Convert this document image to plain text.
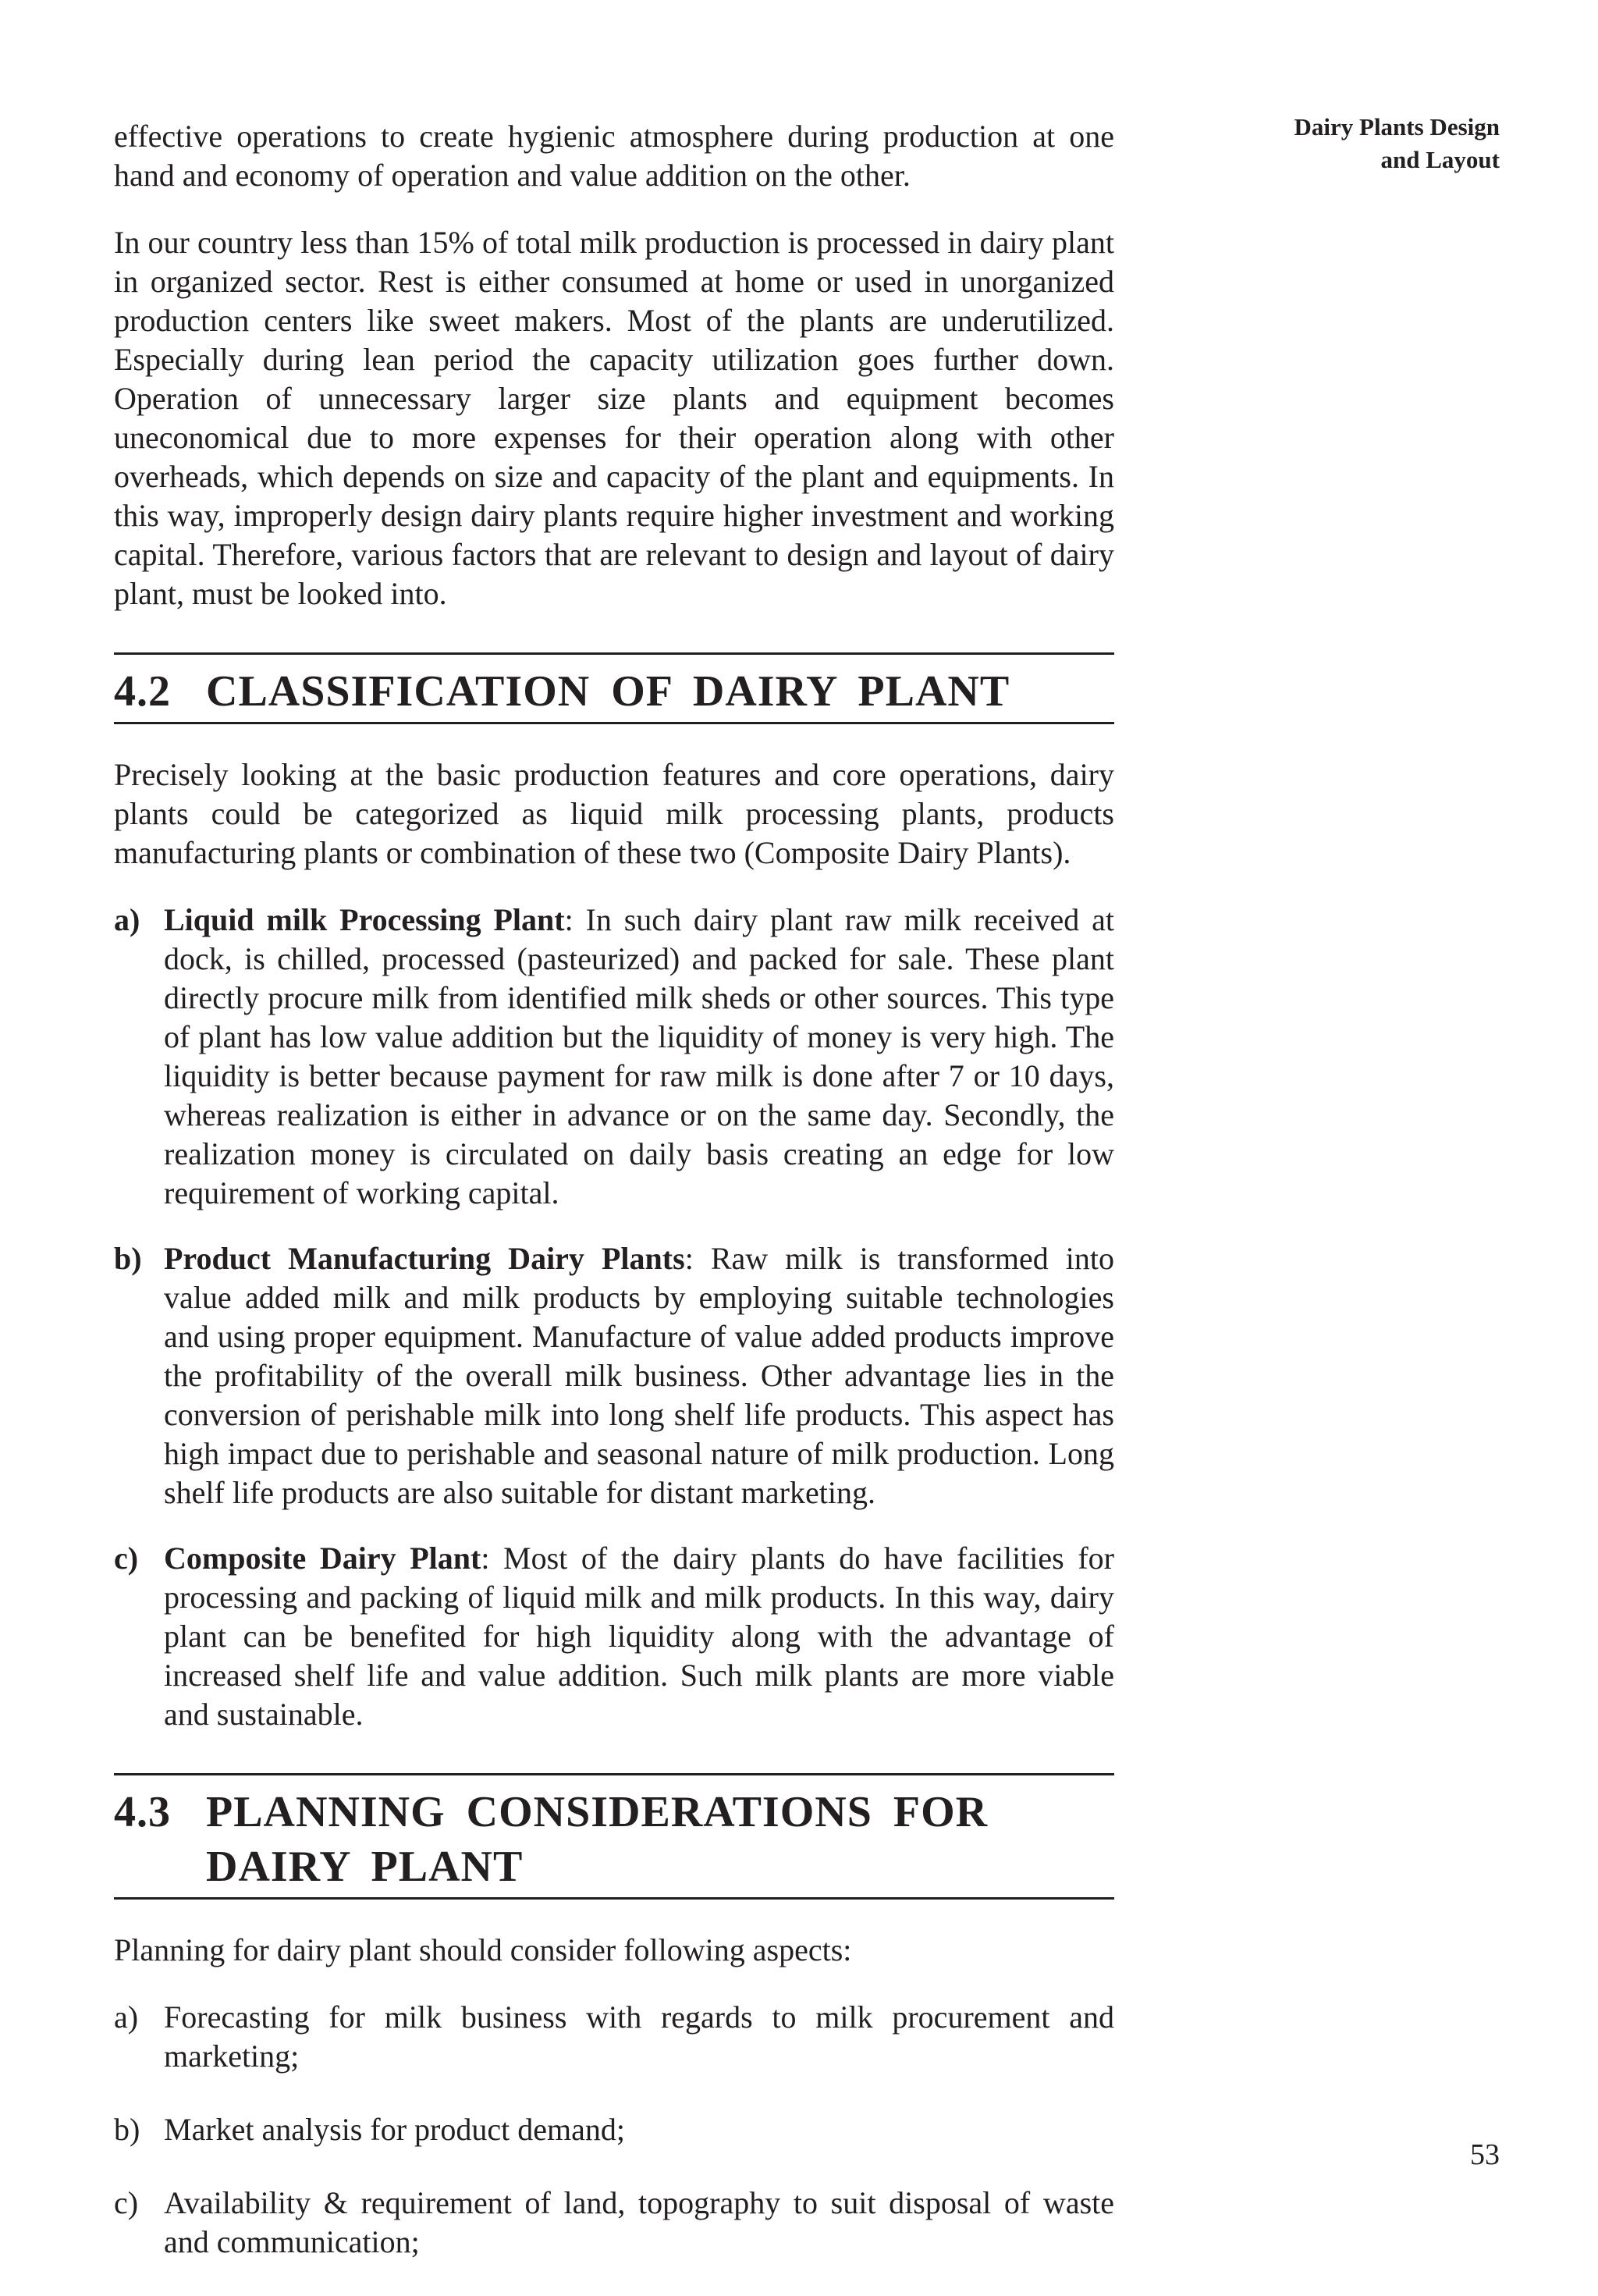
Dairy Plants Design
and Layout

effective operations to create hygienic atmosphere during production at one hand and economy of operation and value addition on the other.

In our country less than 15% of total milk production is processed in dairy plant in organized sector. Rest is either consumed at home or used in unorganized production centers like sweet makers. Most of the plants are underutilized. Especially during lean period the capacity utilization goes further down. Operation of unnecessary larger size plants and equipment becomes uneconomical due to more expenses for their operation along with other overheads, which depends on size and capacity of the plant and equipments. In this way, improperly design dairy plants require higher investment and working capital. Therefore, various factors that are relevant to design and layout of dairy plant, must be looked into.

4.2 CLASSIFICATION OF DAIRY PLANT

Precisely looking at the basic production features and core operations, dairy plants could be categorized as liquid milk processing plants, products manufacturing plants or combination of these two (Composite Dairy Plants).

a) Liquid milk Processing Plant: In such dairy plant raw milk received at dock, is chilled, processed (pasteurized) and packed for sale. These plant directly procure milk from identified milk sheds or other sources. This type of plant has low value addition but the liquidity of money is very high. The liquidity is better because payment for raw milk is done after 7 or 10 days, whereas realization is either in advance or on the same day. Secondly, the realization money is circulated on daily basis creating an edge for low requirement of working capital.
b) Product Manufacturing Dairy Plants: Raw milk is transformed into value added milk and milk products by employing suitable technologies and using proper equipment. Manufacture of value added products improve the profitability of the overall milk business. Other advantage lies in the conversion of perishable milk into long shelf life products. This aspect has high impact due to perishable and seasonal nature of milk production. Long shelf life products are also suitable for distant marketing.
c) Composite Dairy Plant: Most of the dairy plants do have facilities for processing and packing of liquid milk and milk products. In this way, dairy plant can be benefited for high liquidity along with the advantage of increased shelf life and value addition. Such milk plants are more viable and sustainable.
4.3 PLANNING CONSIDERATIONS FOR
DAIRY PLANT

Planning for dairy plant should consider following aspects:

a) Forecasting for milk business with regards to milk procurement and marketing;
b) Market analysis for product demand;
c) Availability & requirement of land, topography to suit disposal of waste and communication;
53
